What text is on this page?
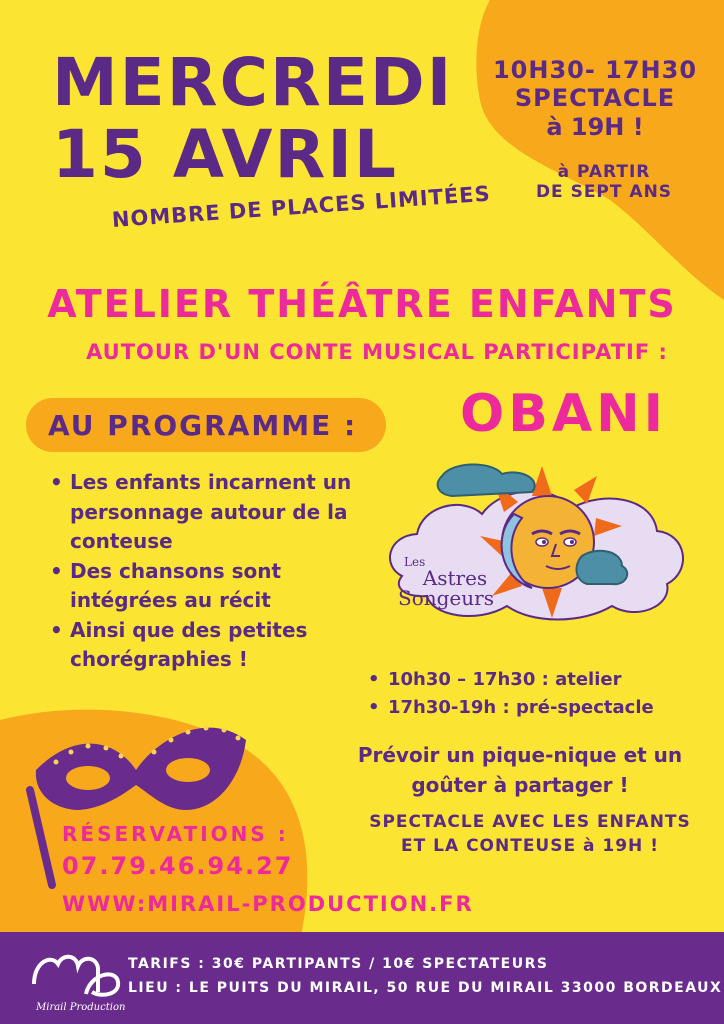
MERCREDI
15 AVRIL
NOMBRE DE PLACES LIMITÉES
10H30- 17H30
SPECTACLE
à 19H !
à PARTIR
DE SEPT ANS
ATELIER THÉÂTRE ENFANTS
AUTOUR D'UN CONTE MUSICAL PARTICIPATIF :
AU PROGRAMME :	OBANI
• Les enfants incarnent un personnage autour de la conteuse
• Des chansons sont intégrées au récit
• Ainsi que des petites chorégraphies !
Les
Astres
Songeurs
• 10h30 – 17h30 : atelier
• 17h30-19h : pré-spectacle
Prévoir un pique-nique et un goûter à partager !
SPECTACLE AVEC LES ENFANTS
ET LA CONTEUSE à 19H !
RÉSERVATIONS :
07.79.46.94.27
WWW:MIRAIL-PRODUCTION.FR
Mirail Production
TARIFS : 30€ PARTIPANTS / 10€ SPECTATEURS
LIEU : LE PUITS DU MIRAIL, 50 RUE DU MIRAIL 33000 BORDEAUX
